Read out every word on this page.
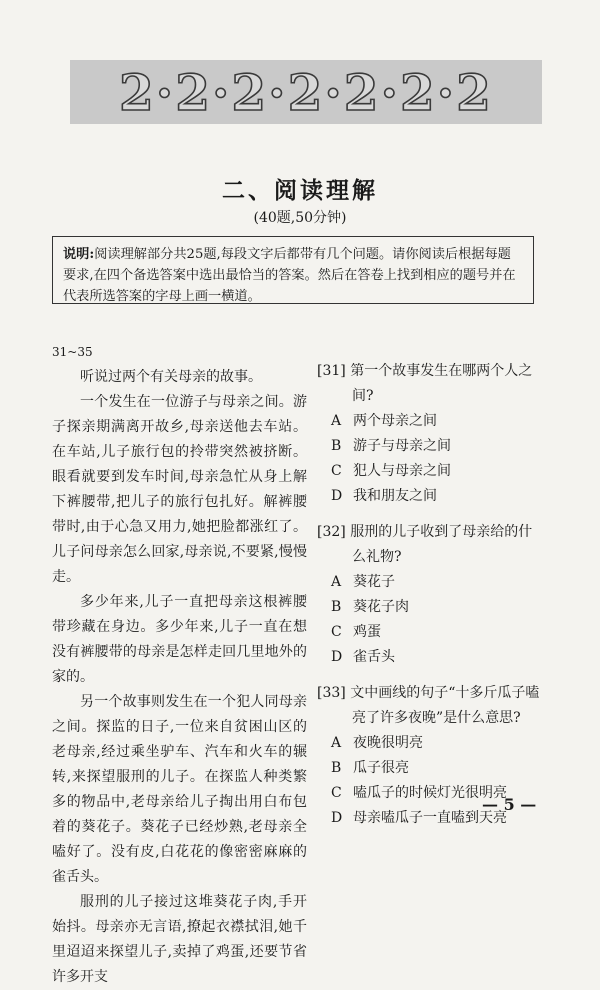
2·2·2·2·2·2·2
二、阅读理解
(40题,50分钟)
说明:阅读理解部分共25题,每段文字后都带有几个问题。请你阅读后根据每题要求,在四个备选答案中选出最恰当的答案。然后在答卷上找到相应的题号并在代表所选答案的字母上画一横道。
31~35

听说过两个有关母亲的故事。

一个发生在一位游子与母亲之间。游子探亲期满离开故乡,母亲送他去车站。在车站,儿子旅行包的拎带突然被挤断。眼看就要到发车时间,母亲急忙从身上解下裤腰带,把儿子的旅行包扎好。解裤腰带时,由于心急又用力,她把脸都涨红了。儿子问母亲怎么回家,母亲说,不要紧,慢慢走。

多少年来,儿子一直把母亲这根裤腰带珍藏在身边。多少年来,儿子一直在想没有裤腰带的母亲是怎样走回几里地外的家的。

另一个故事则发生在一个犯人同母亲之间。探监的日子,一位来自贫困山区的老母亲,经过乘坐驴车、汽车和火车的辗转,来探望服刑的儿子。在探监人种类繁多的物品中,老母亲给儿子掏出用白布包着的葵花子。葵花子已经炒熟,老母亲全嗑好了。没有皮,白花花的像密密麻麻的雀舌头。

服刑的儿子接过这堆葵花子肉,手开始抖。母亲亦无言语,撩起衣襟拭泪,她千里迢迢来探望儿子,卖掉了鸡蛋,还要节省许多开支

[31] 第一个故事发生在哪两个人之间?

A 两个母亲之间

B 游子与母亲之间

C 犯人与母亲之间

D 我和朋友之间

[32] 服刑的儿子收到了母亲给的什么礼物?

A 葵花子

B 葵花子肉

C 鸡蛋

D 雀舌头

[33] 文中画线的句子“十多斤瓜子嗑亮了许多夜晚”是什么意思?

A 夜晚很明亮

B 瓜子很亮

C 嗑瓜子的时候灯光很明亮

D 母亲嗑瓜子一直嗑到天亮

— 5 —
